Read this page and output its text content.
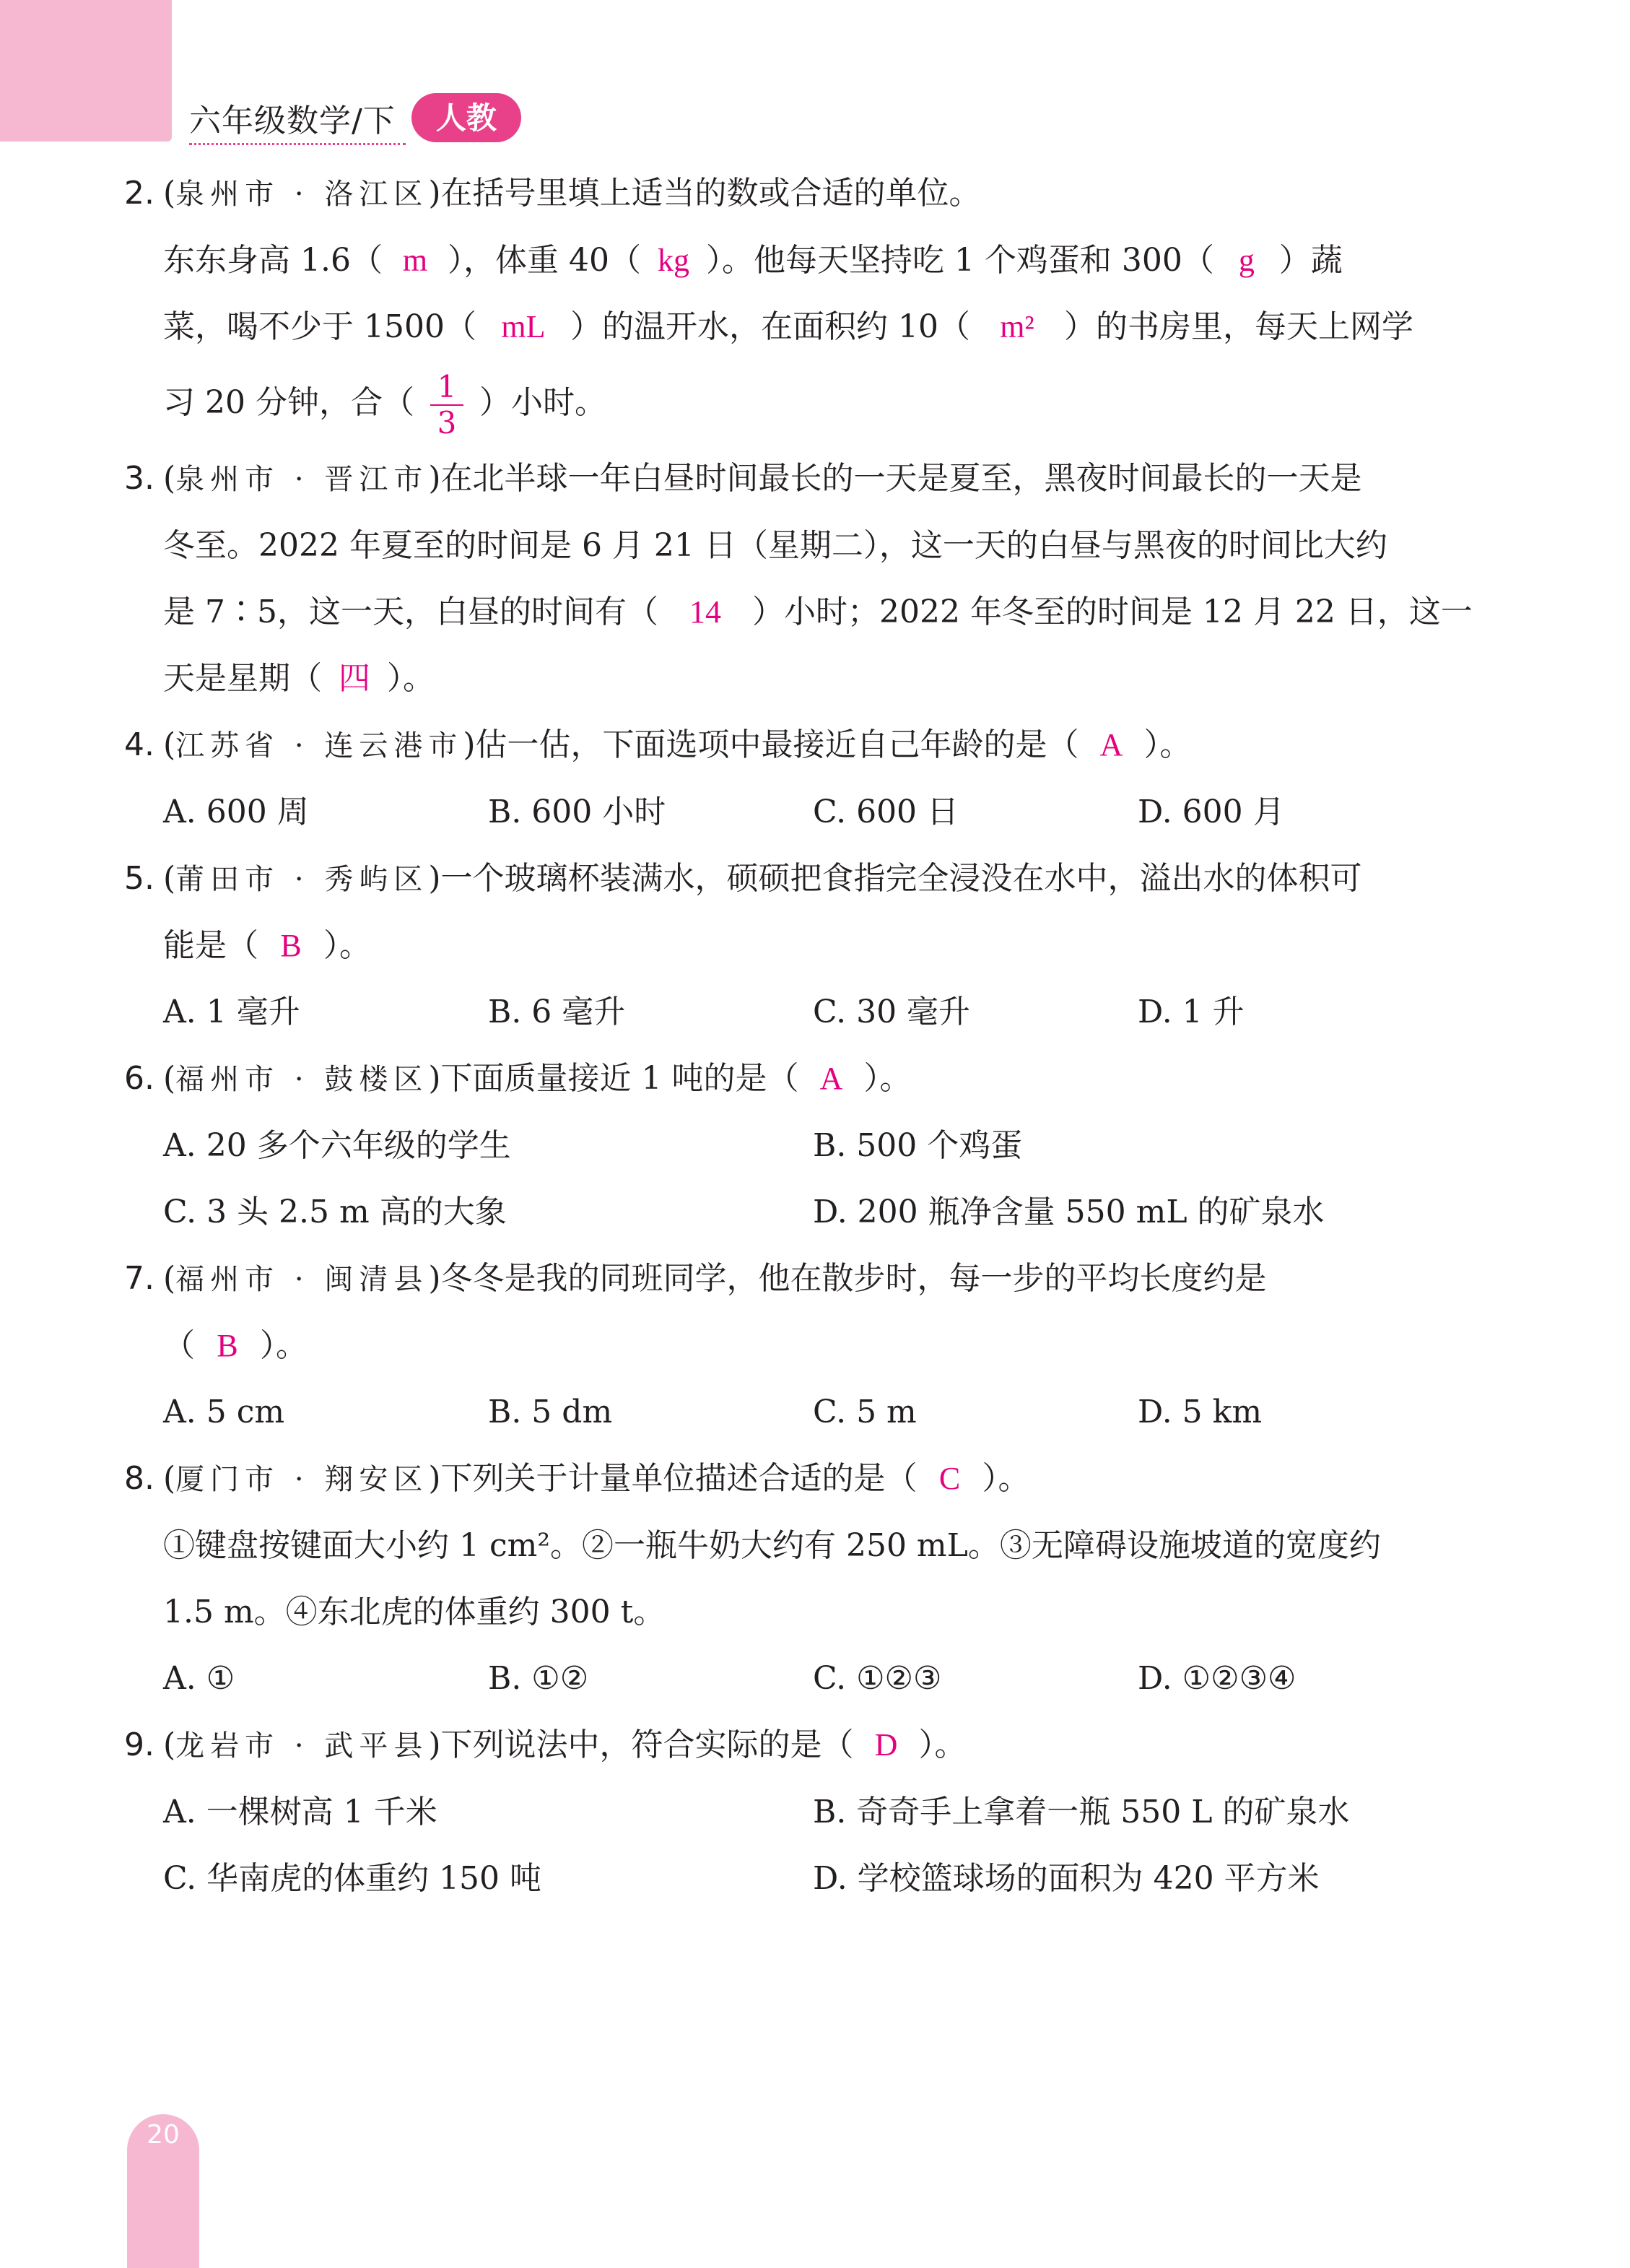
六年级数学/下	人教
2. (泉州市 · 洛江区)在括号里填上适当的数或合适的单位。
东东身高 1.6（ m ），体重 40（ kg ）。他每天坚持吃 1 个鸡蛋和 300（ g ）蔬
菜，喝不少于 1500（ mL ）的温开水，在面积约 10（ m² ）的书房里，每天上网学
习 20 分钟，合（ $\frac{1}{3}$ ）小时。
3. (泉州市 · 晋江市)在北半球一年白昼时间最长的一天是夏至，黑夜时间最长的一天是
冬至。2022 年夏至的时间是 6 月 21 日（星期二），这一天的白昼与黑夜的时间比大约
是 7∶5，这一天，白昼的时间有（ 14 ）小时；2022 年冬至的时间是 12 月 22 日，这一
天是星期（ 四 ）。
4. (江苏省 · 连云港市)估一估，下面选项中最接近自己年龄的是（ A ）。
A. 600 周	B. 600 小时	C. 600 日	D. 600 月
5. (莆田市 · 秀屿区)一个玻璃杯装满水，硕硕把食指完全浸没在水中，溢出水的体积可
能是（ B ）。
A. 1 毫升	B. 6 毫升	C. 30 毫升	D. 1 升
6. (福州市 · 鼓楼区)下面质量接近 1 吨的是（ A ）。
A. 20 多个六年级的学生	B. 500 个鸡蛋
C. 3 头 2.5 m 高的大象	D. 200 瓶净含量 550 mL 的矿泉水
7. (福州市 · 闽清县)冬冬是我的同班同学，他在散步时，每一步的平均长度约是
（ B ）。
A. 5 cm	B. 5 dm	C. 5 m	D. 5 km
8. (厦门市 · 翔安区)下列关于计量单位描述合适的是（ C ）。
①键盘按键面大小约 1 cm²。②一瓶牛奶大约有 250 mL。③无障碍设施坡道的宽度约
1.5 m。④东北虎的体重约 300 t。
A. ①	B. ①②	C. ①②③	D. ①②③④
9. (龙岩市 · 武平县)下列说法中，符合实际的是（ D ）。
A. 一棵树高 1 千米	B. 奇奇手上拿着一瓶 550 L 的矿泉水
C. 华南虎的体重约 150 吨	D. 学校篮球场的面积为 420 平方米
20
